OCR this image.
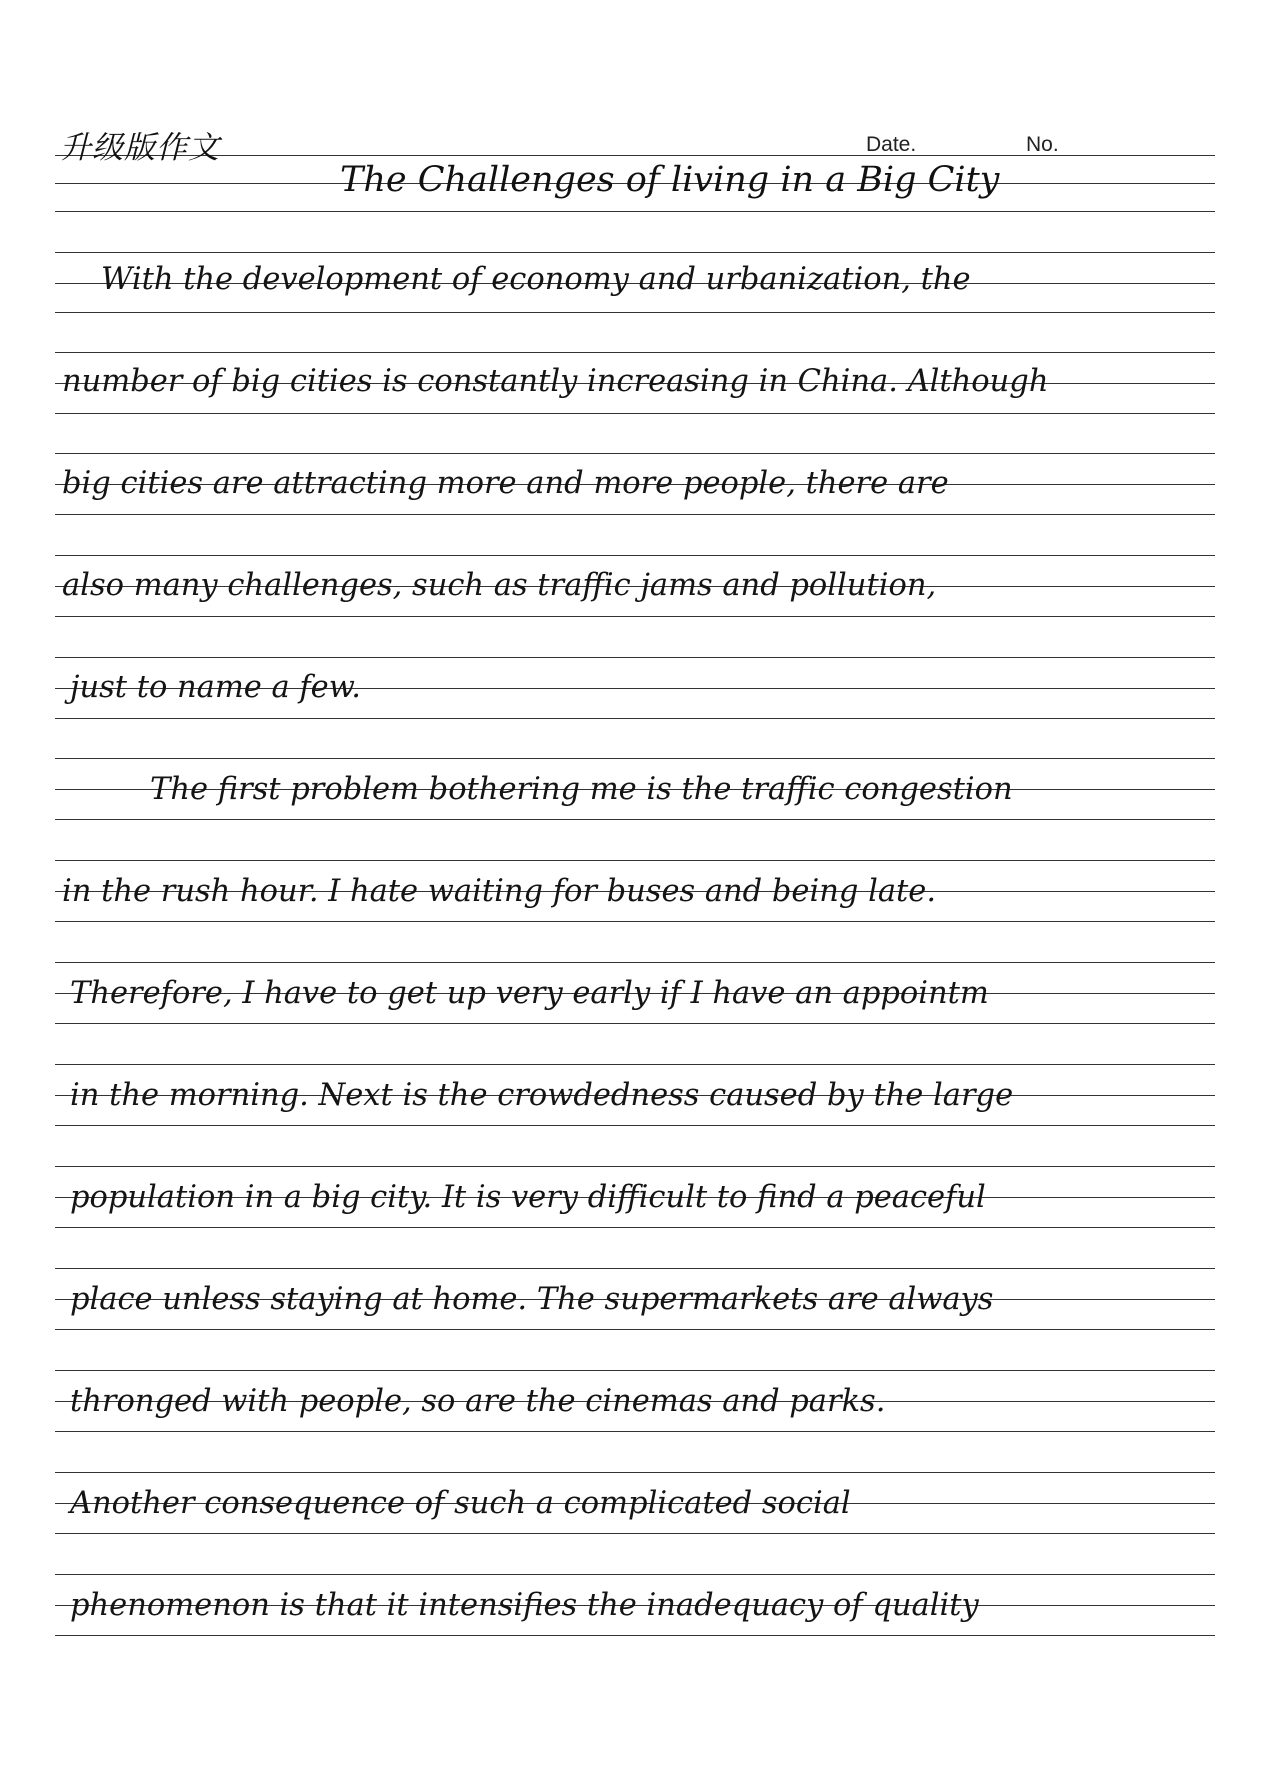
升级版作文	Date.	No.
The Challenges of living in a Big City
With the development of economy and urbanization, the
number of big cities is constantly increasing in China. Although
big cities are attracting more and more people, there are
also many challenges, such as traffic jams and pollution,
just to name a few.
The first problem bothering me is the traffic congestion
in the rush hour. I hate waiting for buses and being late.
Therefore, I have to get up very early if I have an appointm
in the morning. Next is the crowdedness caused by the large
population in a big city. It is very difficult to find a peaceful
place unless staying at home. The supermarkets are always
thronged with people, so are the cinemas and parks.
Another consequence of such a complicated social
phenomenon is that it intensifies the inadequacy of quality
